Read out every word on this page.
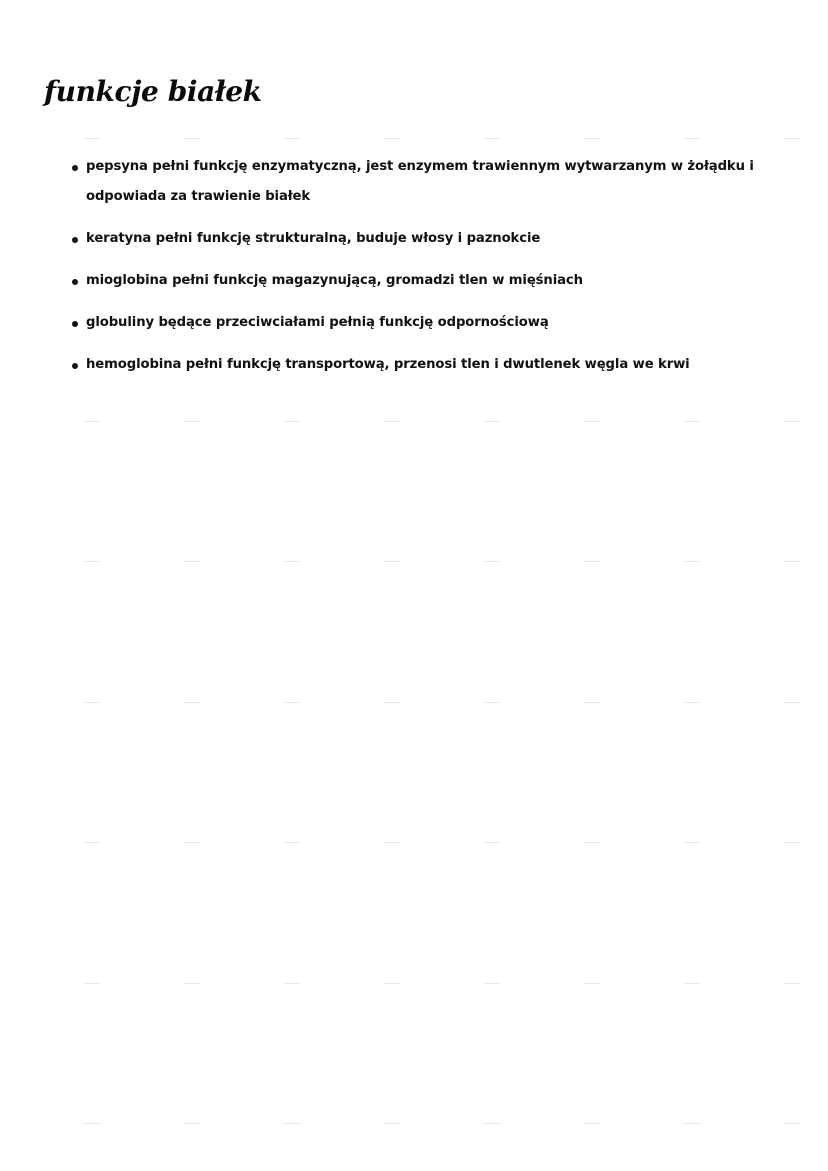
funkcje białek
pepsyna pełni funkcję enzymatyczną, jest enzymem trawiennym wytwarzanym w żołądku i odpowiada za trawienie białek
keratyna pełni funkcję strukturalną, buduje włosy i paznokcie
mioglobina pełni funkcję magazynującą, gromadzi tlen w mięśniach
globuliny będące przeciwciałami pełnią funkcję odpornościową
hemoglobina pełni funkcję transportową, przenosi tlen i dwutlenek węgla we krwi
